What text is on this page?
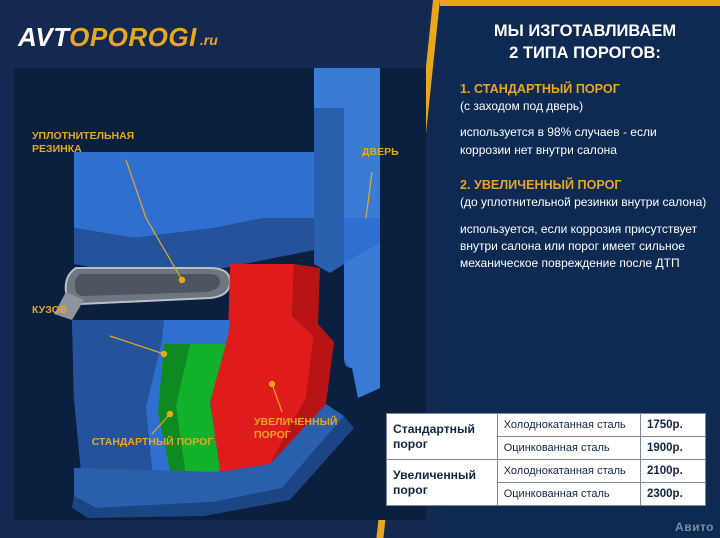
AVTOPOROGI .ru
УПЛОТНИТЕЛЬНАЯ РЕЗИНКА	ДВЕРЬ
КУЗОВ
СТАНДАРТНЫЙ ПОРОГ
УВЕЛИЧЕННЫЙ ПОРОГ
МЫ ИЗГОТАВЛИВАЕМ
2 ТИПА ПОРОГОВ:
1. СТАНДАРТНЫЙ ПОРОГ
(с заходом под дверь)
используется в 98% случаев - если коррозии нет внутри салона
2. УВЕЛИЧЕННЫЙ ПОРОГ
(до уплотнительной резинки внутри салона)
используется, если коррозия присутствует внутри салона или порог имеет сильное механическое повреждение после ДТП
Стандартный порог	Холоднокатанная сталь	1750р.
	Оцинкованная сталь	1900р.
Увеличенный порог	Холоднокатанная сталь	2100р.
	Оцинкованная сталь	2300р.
Авито
